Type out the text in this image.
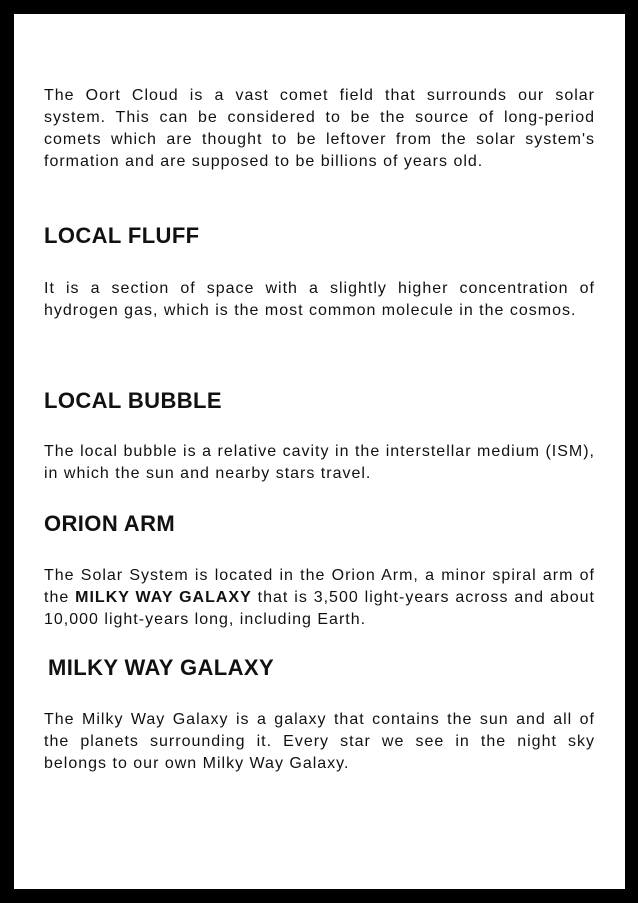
The Oort Cloud is a vast comet field that surrounds our solar system. This can be considered to be the source of long-period comets which are thought to be leftover from the solar system's formation and are supposed to be billions of years old.

LOCAL FLUFF

It is a section of space with a slightly higher concentration of hydrogen gas, which is the most common molecule in the cosmos.

LOCAL BUBBLE

The local bubble is a relative cavity in the interstellar medium (ISM), in which the sun and nearby stars travel.

ORION ARM

The Solar System is located in the Orion Arm, a minor spiral arm of the MILKY WAY GALAXY that is 3,500 light-years across and about 10,000 light-years long, including Earth.

MILKY WAY GALAXY

The Milky Way Galaxy is a galaxy that contains the sun and all of the planets surrounding it. Every star we see in the night sky belongs to our own Milky Way Galaxy.
